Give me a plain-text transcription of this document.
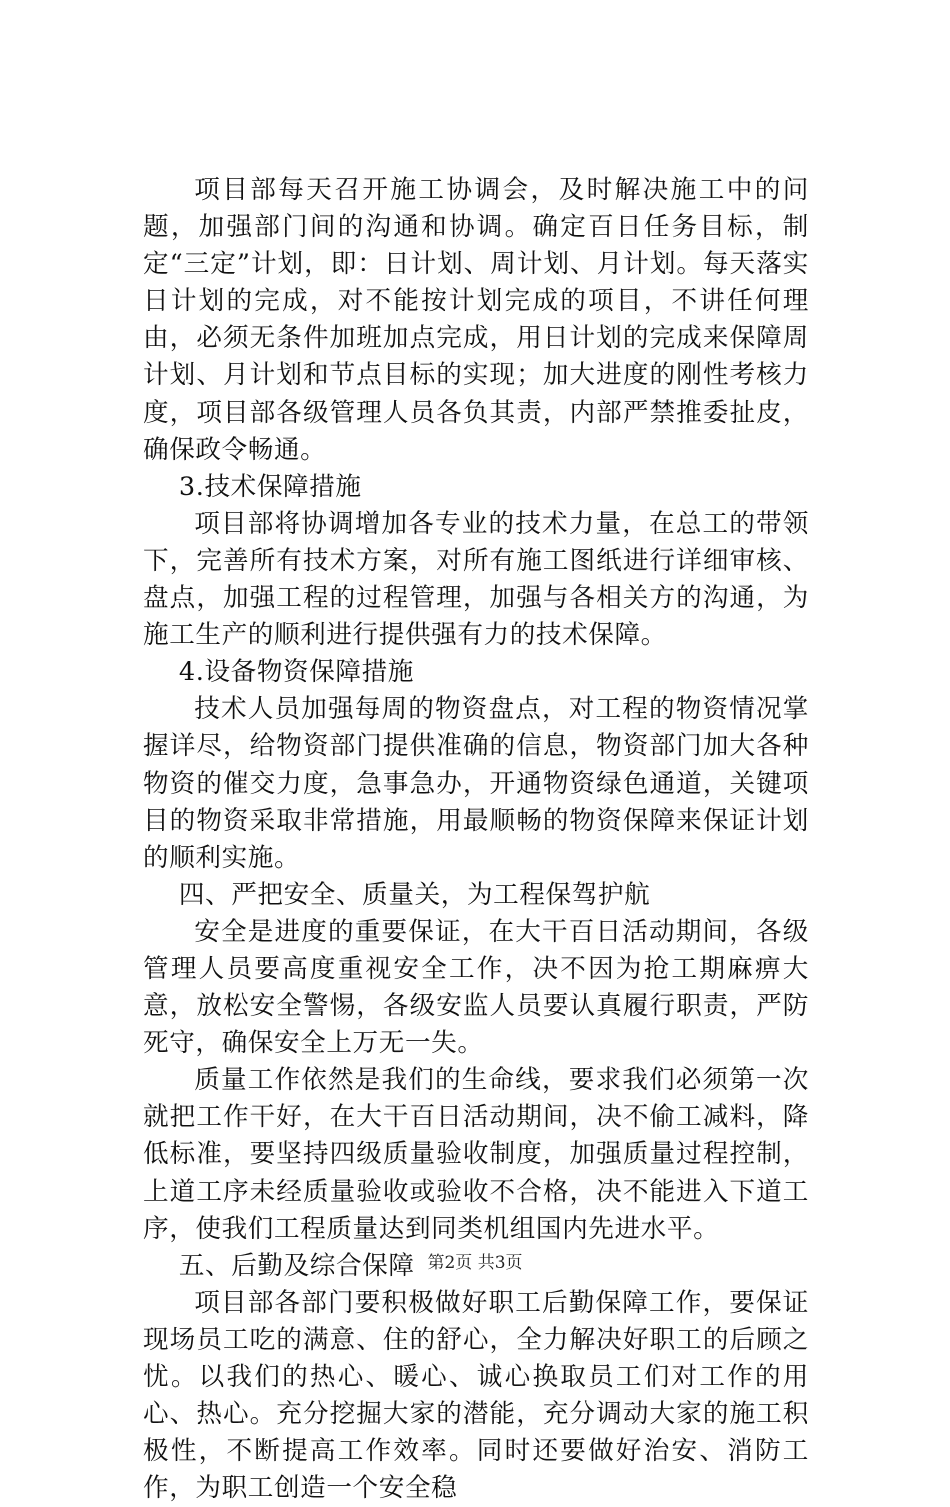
项目部每天召开施工协调会，及时解决施工中的问题，加强部门间的沟通和协调。确定百日任务目标，制定“三定”计划，即：日计划、周计划、月计划。每天落实日计划的完成，对不能按计划完成的项目，不讲任何理由，必须无条件加班加点完成，用日计划的完成来保障周计划、月计划和节点目标的实现；加大进度的刚性考核力度，项目部各级管理人员各负其责，内部严禁推委扯皮，确保政令畅通。

3.技术保障措施

项目部将协调增加各专业的技术力量，在总工的带领下，完善所有技术方案，对所有施工图纸进行详细审核、盘点，加强工程的过程管理，加强与各相关方的沟通，为施工生产的顺利进行提供强有力的技术保障。

4.设备物资保障措施

技术人员加强每周的物资盘点，对工程的物资情况掌握详尽，给物资部门提供准确的信息，物资部门加大各种物资的催交力度，急事急办，开通物资绿色通道，关键项目的物资采取非常措施，用最顺畅的物资保障来保证计划的顺利实施。

四、严把安全、质量关，为工程保驾护航

安全是进度的重要保证，在大干百日活动期间，各级管理人员要高度重视安全工作，决不因为抢工期麻痹大意，放松安全警惕，各级安监人员要认真履行职责，严防死守，确保安全上万无一失。

质量工作依然是我们的生命线，要求我们必须第一次就把工作干好，在大干百日活动期间，决不偷工减料，降低标准，要坚持四级质量验收制度，加强质量过程控制，上道工序未经质量验收或验收不合格，决不能进入下道工序，使我们工程质量达到同类机组国内先进水平。

五、后勤及综合保障

项目部各部门要积极做好职工后勤保障工作，要保证现场员工吃的满意、住的舒心，全力解决好职工的后顾之忧。以我们的热心、暖心、诚心换取员工们对工作的用心、热心。充分挖掘大家的潜能，充分调动大家的施工积极性，不断提高工作效率。同时还要做好治安、消防工作，为职工创造一个安全稳

第2页 共3页
